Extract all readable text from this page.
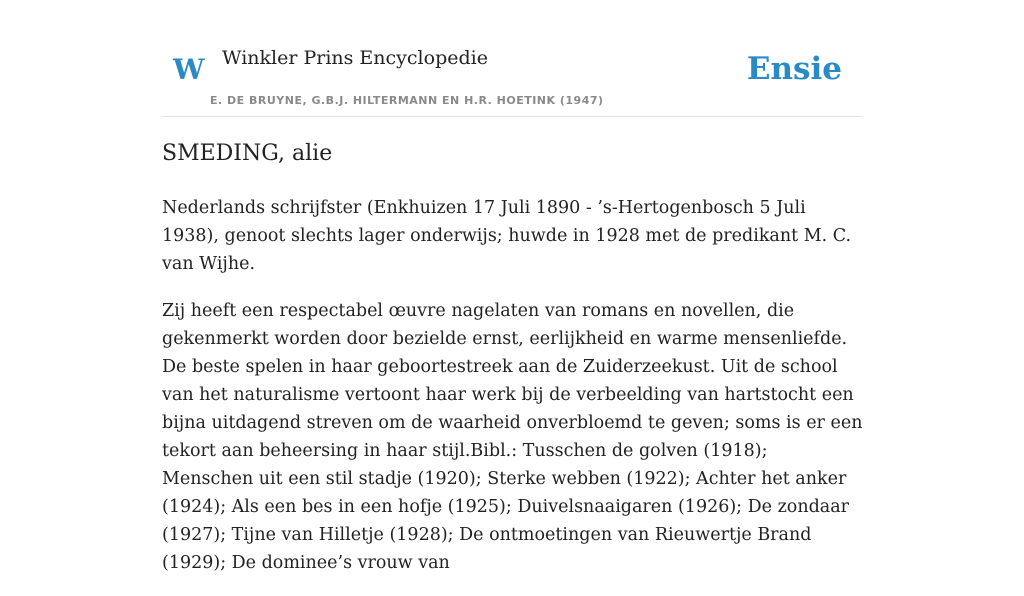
W Winkler Prins Encyclopedie
E. DE BRUYNE, G.B.J. HILTERMANN EN H.R. HOETINK (1947)
Ensie
SMEDING, alie

Nederlands schrijfster (Enkhuizen 17 Juli 1890 - ’s-Hertogenbosch 5 Juli 1938), genoot slechts lager onderwijs; huwde in 1928 met de predikant M. C. van Wijhe.

Zij heeft een respectabel œuvre nagelaten van romans en novellen, die gekenmerkt worden door bezielde ernst, eerlijkheid en warme mensenliefde. De beste spelen in haar geboortestreek aan de Zuiderzeekust. Uit de school van het naturalisme vertoont haar werk bij de verbeelding van hartstocht een bijna uitdagend streven om de waarheid onverbloemd te geven; soms is er een tekort aan beheersing in haar stijl.Bibl.: Tusschen de golven (1918); Menschen uit een stil stadje (1920); Sterke webben (1922); Achter het anker (1924); Als een bes in een hofje (1925); Duivelsnaaigaren (1926); De zondaar (1927); Tijne van Hilletje (1928); De ontmoetingen van Rieuwertje Brand (1929); De dominee’s vrouw van
